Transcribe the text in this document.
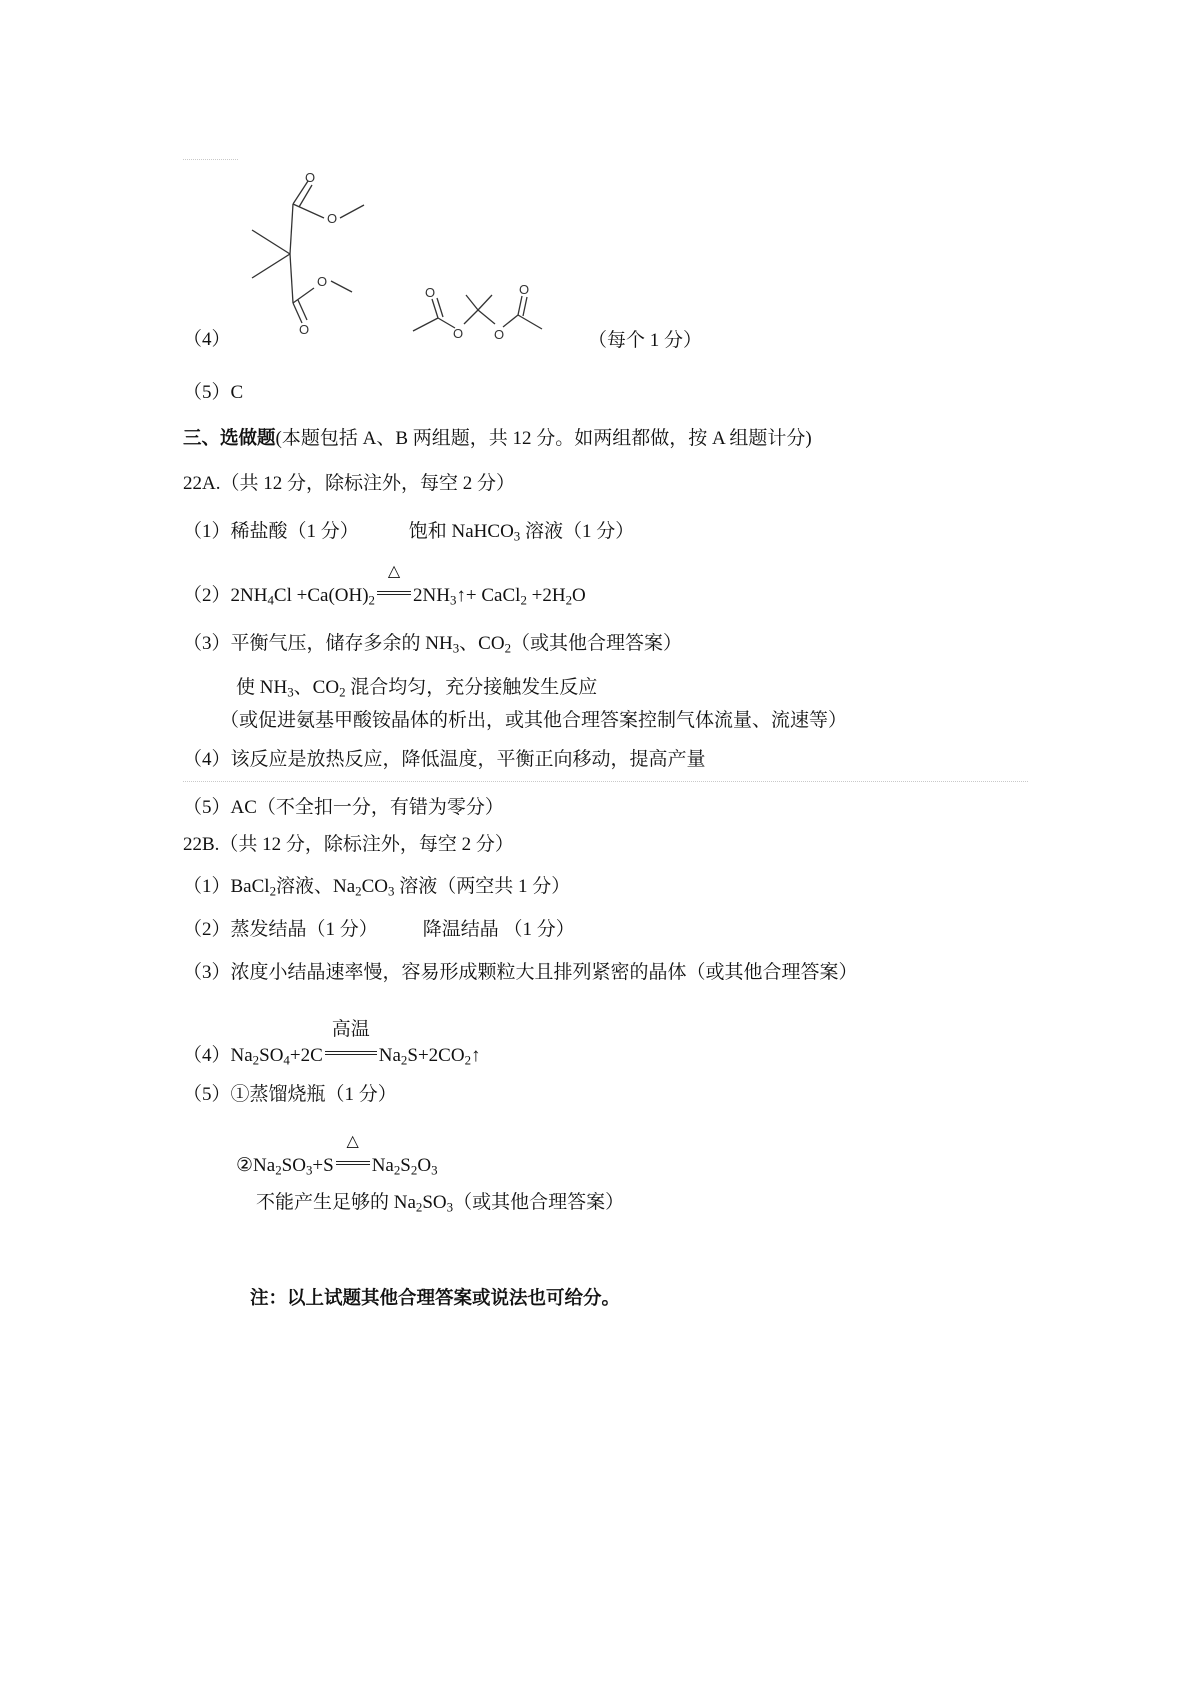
O
O
O
O
O
O O
O
（4）	（每个 1 分）
（5）C
三、选做题(本题包括 A、B 两组题，共 12 分。如两组都做，按 A 组题计分)
22A.（共 12 分，除标注外，每空 2 分）
（1）稀盐酸（1 分）	饱和 NaHCO$_3$ 溶液（1 分）
$(2)2NH_4Cl +Ca(OH)_2$
△
$2NH_3↑+$ CaCl$_2$ $+2H_2O$
（3）平衡气压，储存多余的 $NH_3$、$CO_2$（或其他合理答案）
使 $NH_3$、$CO_2$ 混合均匀，充分接触发生反应
（或促进氨基甲酸铵晶体的析出，或其他合理答案控制气体流量、流速等）
（4）该反应是放热反应，降低温度，平衡正向移动，提高产量
（5）AC（不全扣一分，有错为零分）
22B.（共 12 分，除标注外，每空 2 分）
（1）BaCl$_2$溶液、$Na_2CO_3$ 溶液（两空共 1 分）
（2）蒸发结晶（1 分） 降温结晶 （1 分）
（3）浓度小结晶速率慢，容易形成颗粒大且排列紧密的晶体（或其他合理答案）
$(4)Na_2SO_4+2C$
高温
$Na_2S+2CO_2↑$
（5）①蒸馏烧瓶（1 分）
$②Na_2SO_3+S$
△
$Na_2S_2O_3$
不能产生足够的 $Na_2SO_3$（或其他合理答案）
注：以上试题其他合理答案或说法也可给分。
